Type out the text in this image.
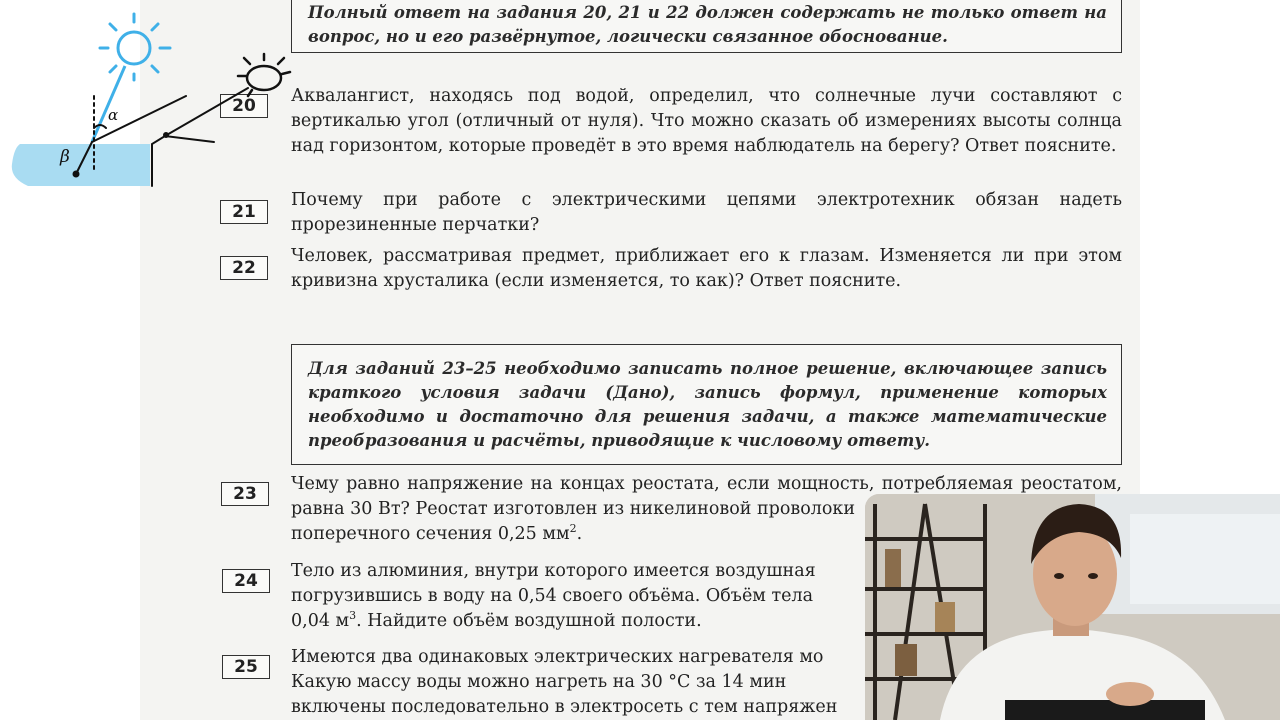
Полный ответ на задания 20, 21 и 22 должен содержать не только ответ на вопрос, но и его развёрнутое, логически связанное обоснование.
20	Аквалангист, находясь под водой, определил, что солнечные лучи составляют с вертикалью угол (отличный от нуля). Что можно сказать об измерениях высоты солнца над горизонтом, которые проведёт в это время наблюдатель на берегу? Ответ поясните.
21
Почему при работе с электрическими цепями электротехник обязан надеть прорезиненные перчатки?
22
Человек, рассматривая предмет, приближает его к глазам. Изменяется ли при этом кривизна хрусталика (если изменяется, то как)? Ответ поясните.
Для заданий 23–25 необходимо записать полное решение, включающее запись краткого условия задачи (Дано), запись формул, применение которых необходимо и достаточно для решения задачи, а также математические преобразования и расчёты, приводящие к числовому ответу.
23	Чему равно напряжение на концах реостата, если мощность, потребляемая реостатом, равна 30 Вт? Реостат изготовлен из никелиновой проволоки
поперечного сечения 0,25 $мм^2$.
24	Тело из алюминия, внутри которого имеется воздушная
погрузившись в воду на 0,54 своего объёма. Объём тела
0,04 $м^3$. Найдите объём воздушной полости.
25	Имеются два одинаковых электрических нагревателя мо
Какую массу воды можно нагреть на 30 °С за 14 мин
включены последовательно в электросеть с тем напряжен
α
β
